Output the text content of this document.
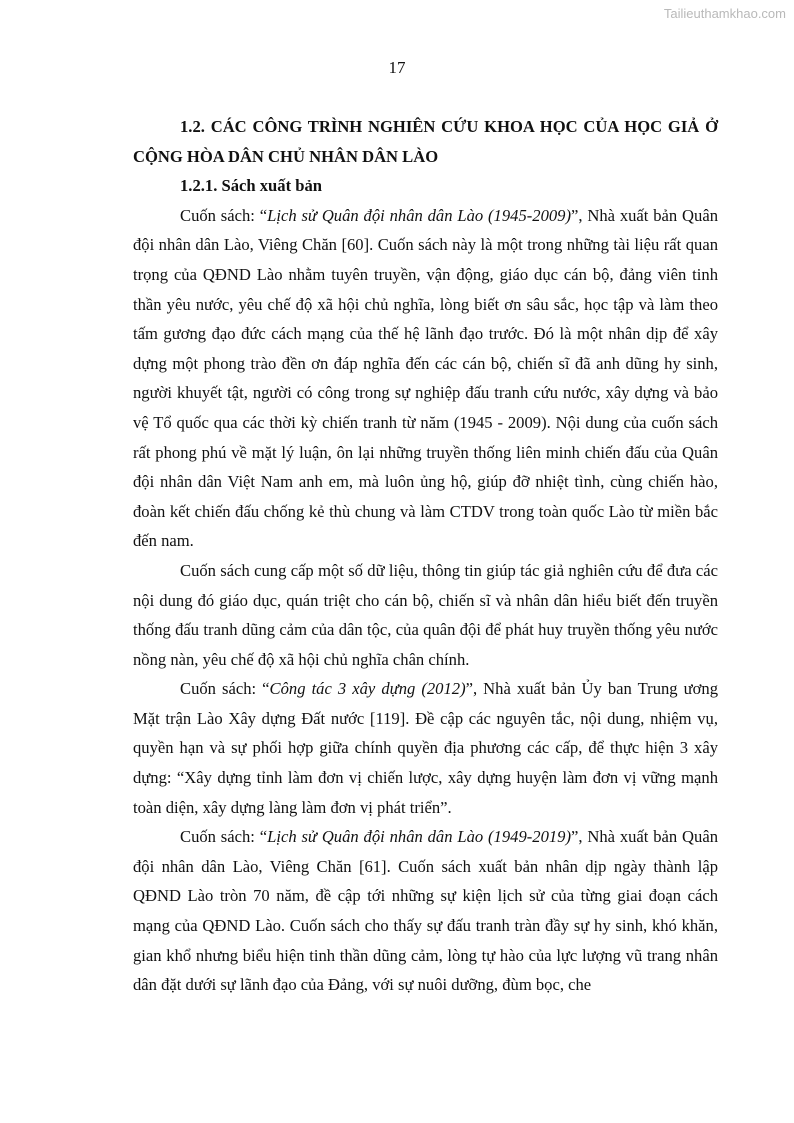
Tailieuthamkhao.com
17
1.2. CÁC CÔNG TRÌNH NGHIÊN CỨU KHOA HỌC CỦA HỌC GIẢ Ở CỘNG HÒA DÂN CHỦ NHÂN DÂN LÀO
1.2.1. Sách xuất bản

Cuốn sách: “Lịch sử Quân đội nhân dân Lào (1945-2009)”, Nhà xuất bản Quân đội nhân dân Lào, Viêng Chăn [60]. Cuốn sách này là một trong những tài liệu rất quan trọng của QĐND Lào nhằm tuyên truyền, vận động, giáo dục cán bộ, đảng viên tinh thần yêu nước, yêu chế độ xã hội chủ nghĩa, lòng biết ơn sâu sắc, học tập và làm theo tấm gương đạo đức cách mạng của thế hệ lãnh đạo trước. Đó là một nhân dịp để xây dựng một phong trào đền ơn đáp nghĩa đến các cán bộ, chiến sĩ đã anh dũng hy sinh, người khuyết tật, người có công trong sự nghiệp đấu tranh cứu nước, xây dựng và bảo vệ Tổ quốc qua các thời kỳ chiến tranh từ năm (1945 - 2009). Nội dung của cuốn sách rất phong phú về mặt lý luận, ôn lại những truyền thống liên minh chiến đấu của Quân đội nhân dân Việt Nam anh em, mà luôn ủng hộ, giúp đỡ nhiệt tình, cùng chiến hào, đoàn kết chiến đấu chống kẻ thù chung và làm CTDV trong toàn quốc Lào từ miền bắc đến nam.

Cuốn sách cung cấp một số dữ liệu, thông tin giúp tác giả nghiên cứu để đưa các nội dung đó giáo dục, quán triệt cho cán bộ, chiến sĩ và nhân dân hiểu biết đến truyền thống đấu tranh dũng cảm của dân tộc, của quân đội để phát huy truyền thống yêu nước nồng nàn, yêu chế độ xã hội chủ nghĩa chân chính.

Cuốn sách: “Công tác 3 xây dựng (2012)”, Nhà xuất bản Ủy ban Trung ương Mặt trận Lào Xây dựng Đất nước [119]. Đề cập các nguyên tắc, nội dung, nhiệm vụ, quyền hạn và sự phối hợp giữa chính quyền địa phương các cấp, để thực hiện 3 xây dựng: “Xây dựng tỉnh làm đơn vị chiến lược, xây dựng huyện làm đơn vị vững mạnh toàn diện, xây dựng làng làm đơn vị phát triển”.

Cuốn sách: “Lịch sử Quân đội nhân dân Lào (1949-2019)”, Nhà xuất bản Quân đội nhân dân Lào, Viêng Chăn [61]. Cuốn sách xuất bản nhân dịp ngày thành lập QĐND Lào tròn 70 năm, đề cập tới những sự kiện lịch sử của từng giai đoạn cách mạng của QĐND Lào. Cuốn sách cho thấy sự đấu tranh tràn đầy sự hy sinh, khó khăn, gian khổ nhưng biểu hiện tinh thần dũng cảm, lòng tự hào của lực lượng vũ trang nhân dân đặt dưới sự lãnh đạo của Đảng, với sự nuôi dưỡng, đùm bọc, che
